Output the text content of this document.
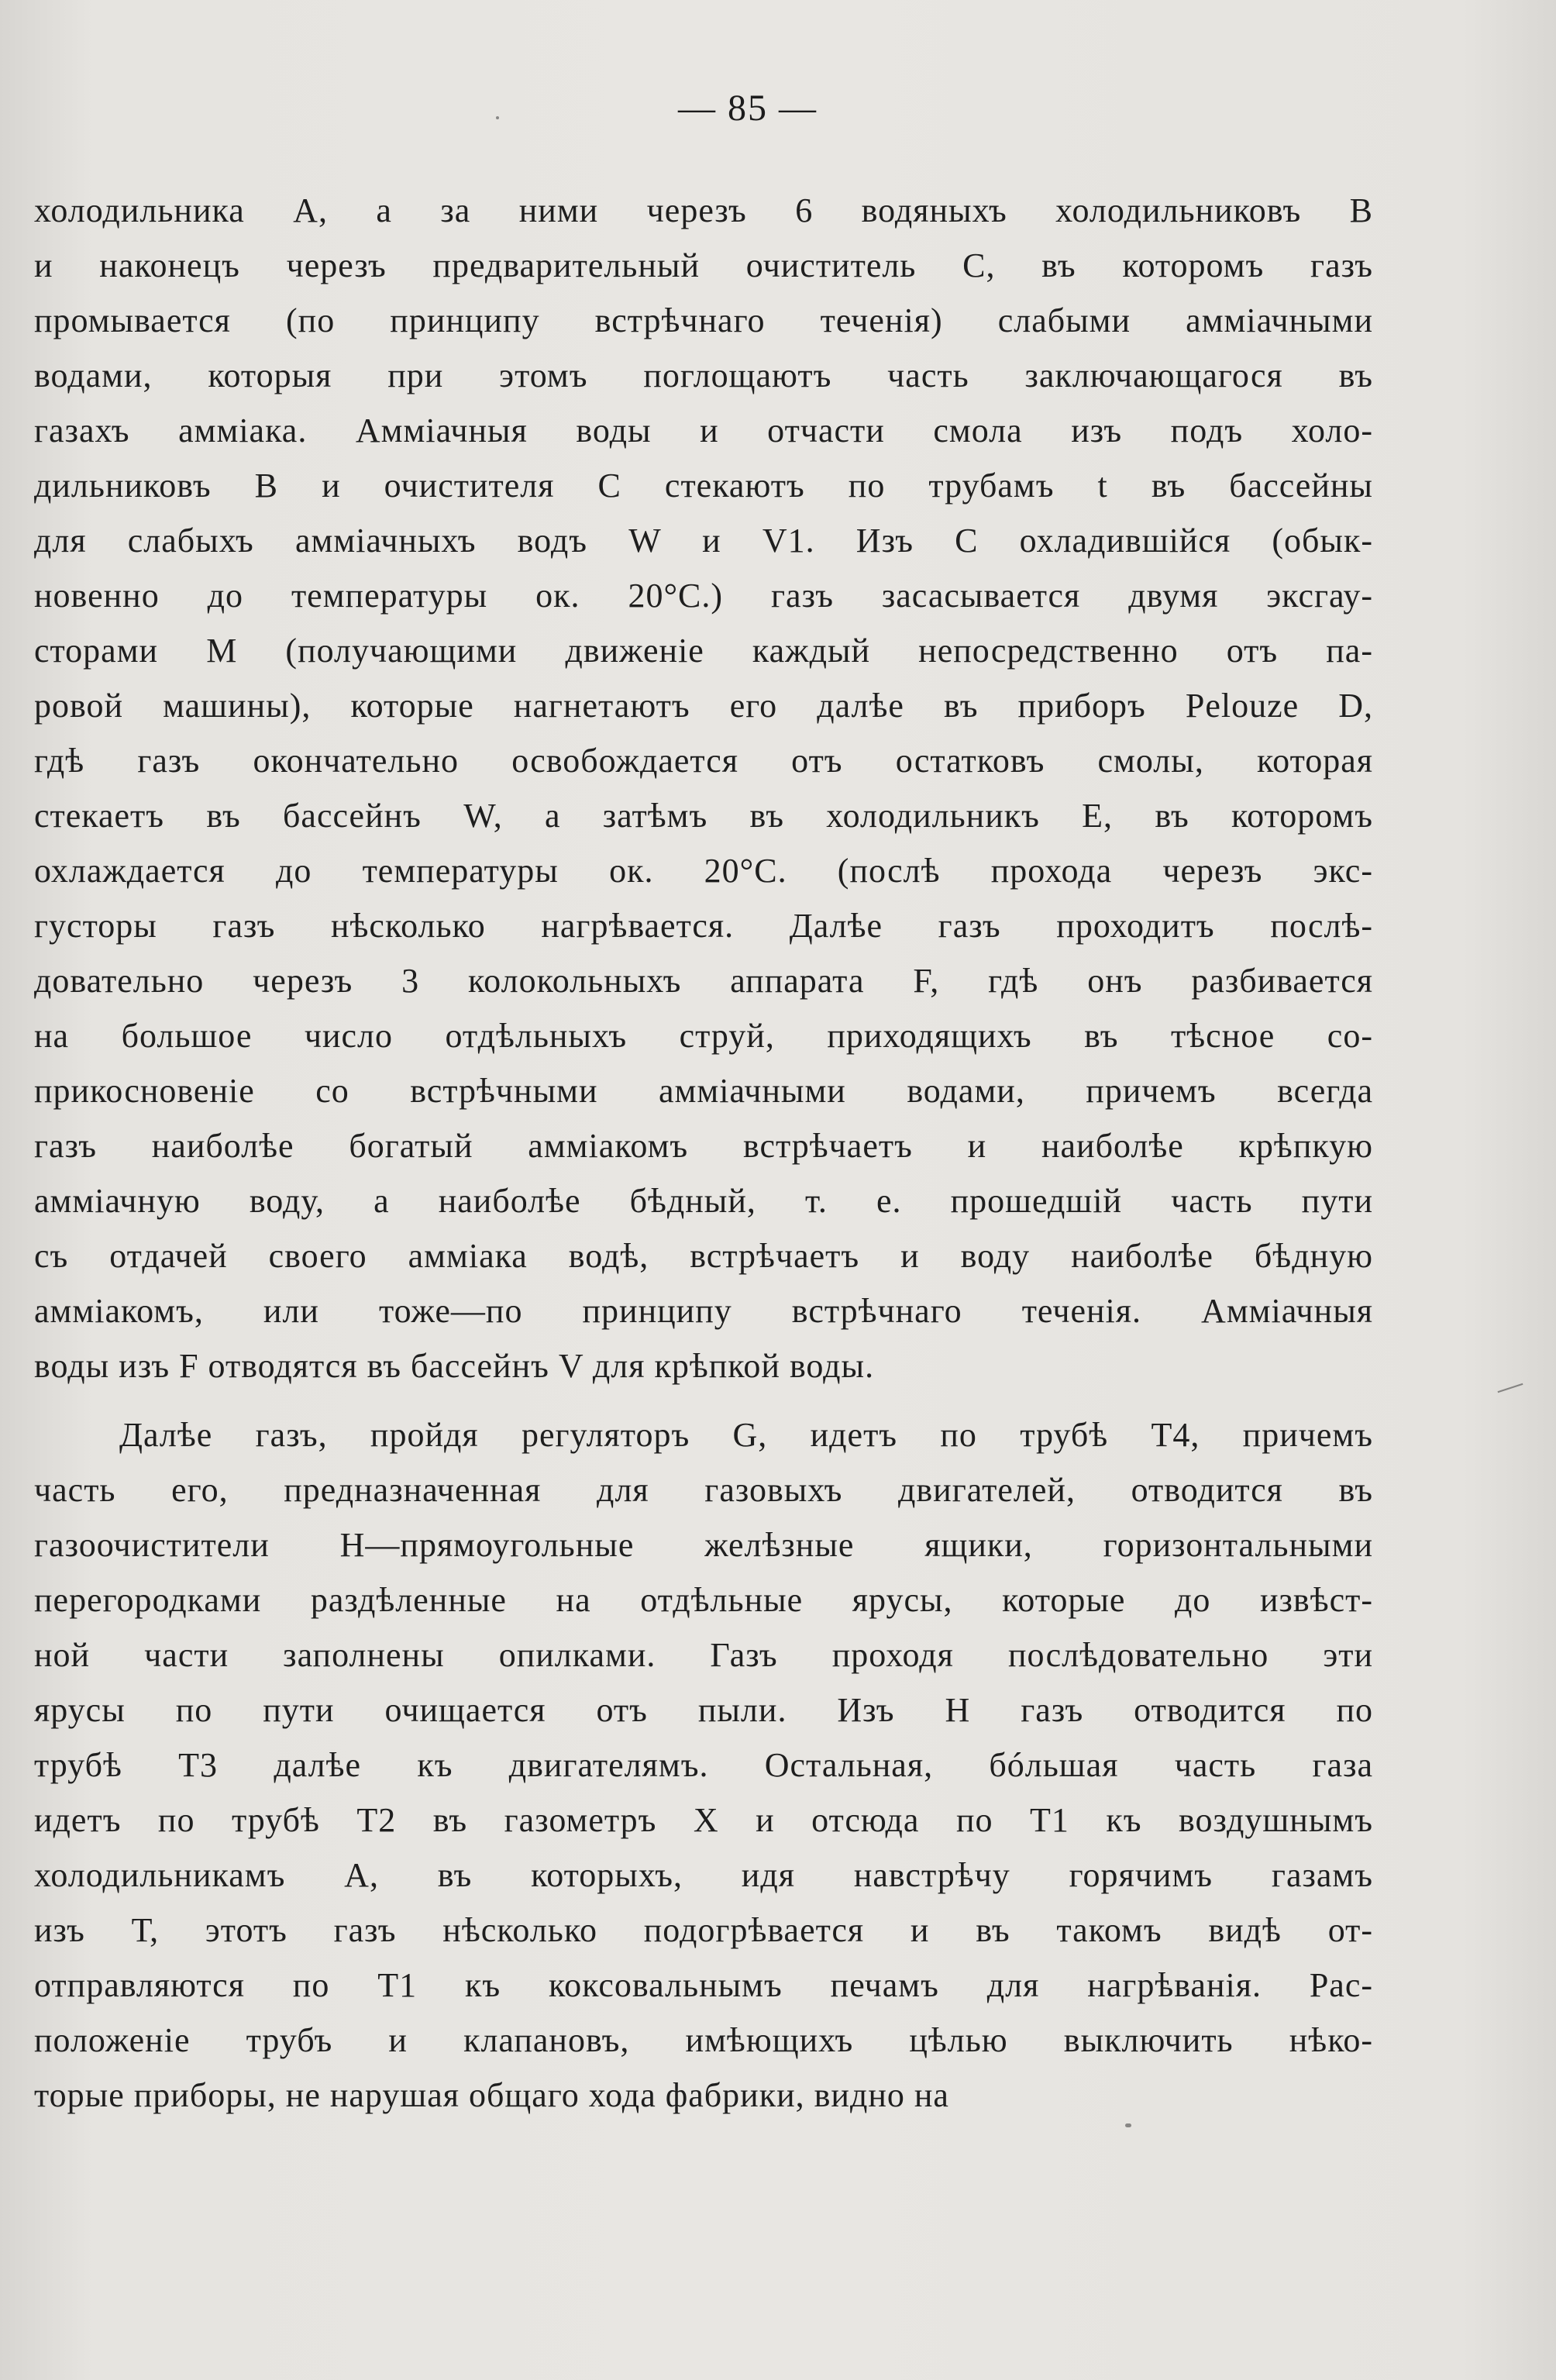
— 85 —
холодильника А, а за ними черезъ 6 водяныхъ холодильниковъ В
и наконецъ черезъ предварительный очиститель С, въ которомъ газъ
промывается (по принципу встрѣчнаго теченія) слабыми аммiачными
водами, которыя при этомъ поглощаютъ часть заключающагося въ
газахъ аммiака. Аммiачныя воды и отчасти смола изъ подъ холо-
дильниковъ В и очистителя С стекаютъ по трубамъ t въ бассейны
для слабыхъ аммiачныхъ водъ W и V1. Изъ С охладившiйся (обык-
новенно до температуры ок. 20°С.) газъ засасывается двумя эксгау-
сторами М (получающими движенiе каждый непосредственно отъ па-
ровой машины), которые нагнетаютъ его далѣе въ приборъ Pelouze D,
гдѣ газъ окончательно освобождается отъ остатковъ смолы, которая
стекаетъ въ бассейнъ W, а затѣмъ въ холодильникъ Е, въ которомъ
охлаждается до температуры ок. 20°С. (послѣ прохода черезъ экс-
густоры газъ нѣсколько нагрѣвается. Далѣе газъ проходитъ послѣ-
довательно черезъ 3 колокольныхъ аппарата F, гдѣ онъ разбивается
на большое число отдѣльныхъ струй, приходящихъ въ тѣсное со-
прикосновенiе со встрѣчными аммiачными водами, причемъ всегда
газъ наиболѣе богатый аммiакомъ встрѣчаетъ и наиболѣе крѣпкую
аммiачную воду, а наиболѣе бѣдный, т. е. прошедшiй часть пути
съ отдачей своего аммiака водѣ, встрѣчаетъ и воду наиболѣе бѣдную
аммiакомъ, или тоже—по принципу встрѣчнаго теченія. Аммiачныя
воды изъ F отводятся въ бассейнъ V для крѣпкой воды.
Далѣе газъ, пройдя регуляторъ G, идетъ по трубѣ Т4, причемъ
часть его, предназначенная для газовыхъ двигателей, отводится въ
газоочистители Н—прямоугольные желѣзные ящики, горизонтальными
перегородками раздѣленные на отдѣльные ярусы, которые до извѣст-
ной части заполнены опилками. Газъ проходя послѣдовательно эти
ярусы по пути очищается отъ пыли. Изъ Н газъ отводится по
трубѣ Т3 далѣе къ двигателямъ. Остальная, бóльшая часть газа
идетъ по трубѣ Т2 въ газометръ Х и отсюда по Т1 къ воздушнымъ
холодильникамъ А, въ которыхъ, идя навстрѣчу горячимъ газамъ
изъ Т, этотъ газъ нѣсколько подогрѣвается и въ такомъ видѣ от-
отправляются по Т1 къ коксовальнымъ печамъ для нагрѣванія. Рас-
положенiе трубъ и клапановъ, имѣющихъ цѣлью выключить нѣко-
торые приборы, не нарушая общаго хода фабрики, видно на
